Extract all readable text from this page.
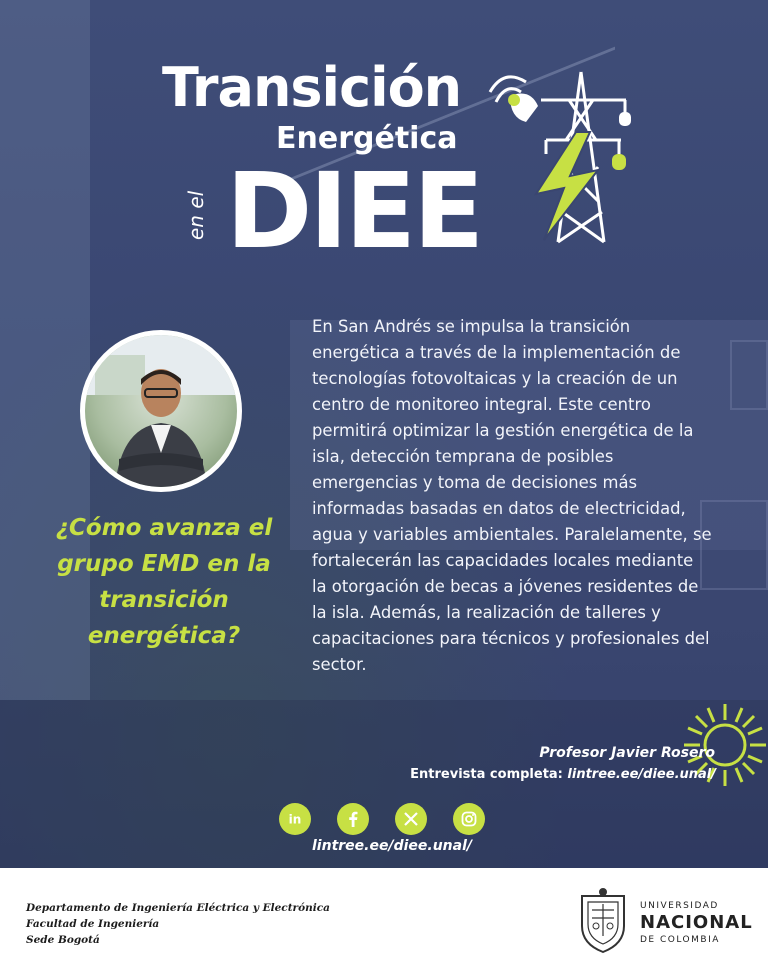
Transición
Energética
en el DIEE
¿Cómo avanza el grupo EMD en la transición energética?
En San Andrés se impulsa la transición energética a través de la implementación de tecnologías fotovoltaicas y la creación de un centro de monitoreo integral. Este centro permitirá optimizar la gestión energética de la isla, detección temprana de posibles emergencias y toma de decisiones más informadas basadas en datos de electricidad, agua y variables ambientales. Paralelamente, se fortalecerán las capacidades locales mediante la otorgación de becas a jóvenes residentes de la isla. Además, la realización de talleres y capacitaciones para técnicos y profesionales del sector.
Profesor Javier Rosero
Entrevista completa: lintree.ee/diee.unal/
in
lintree.ee/diee.unal/
Departamento de Ingeniería Eléctrica y Electrónica
Facultad de Ingeniería
Sede Bogotá
UNIVERSIDAD
NACIONAL
DE COLOMBIA
